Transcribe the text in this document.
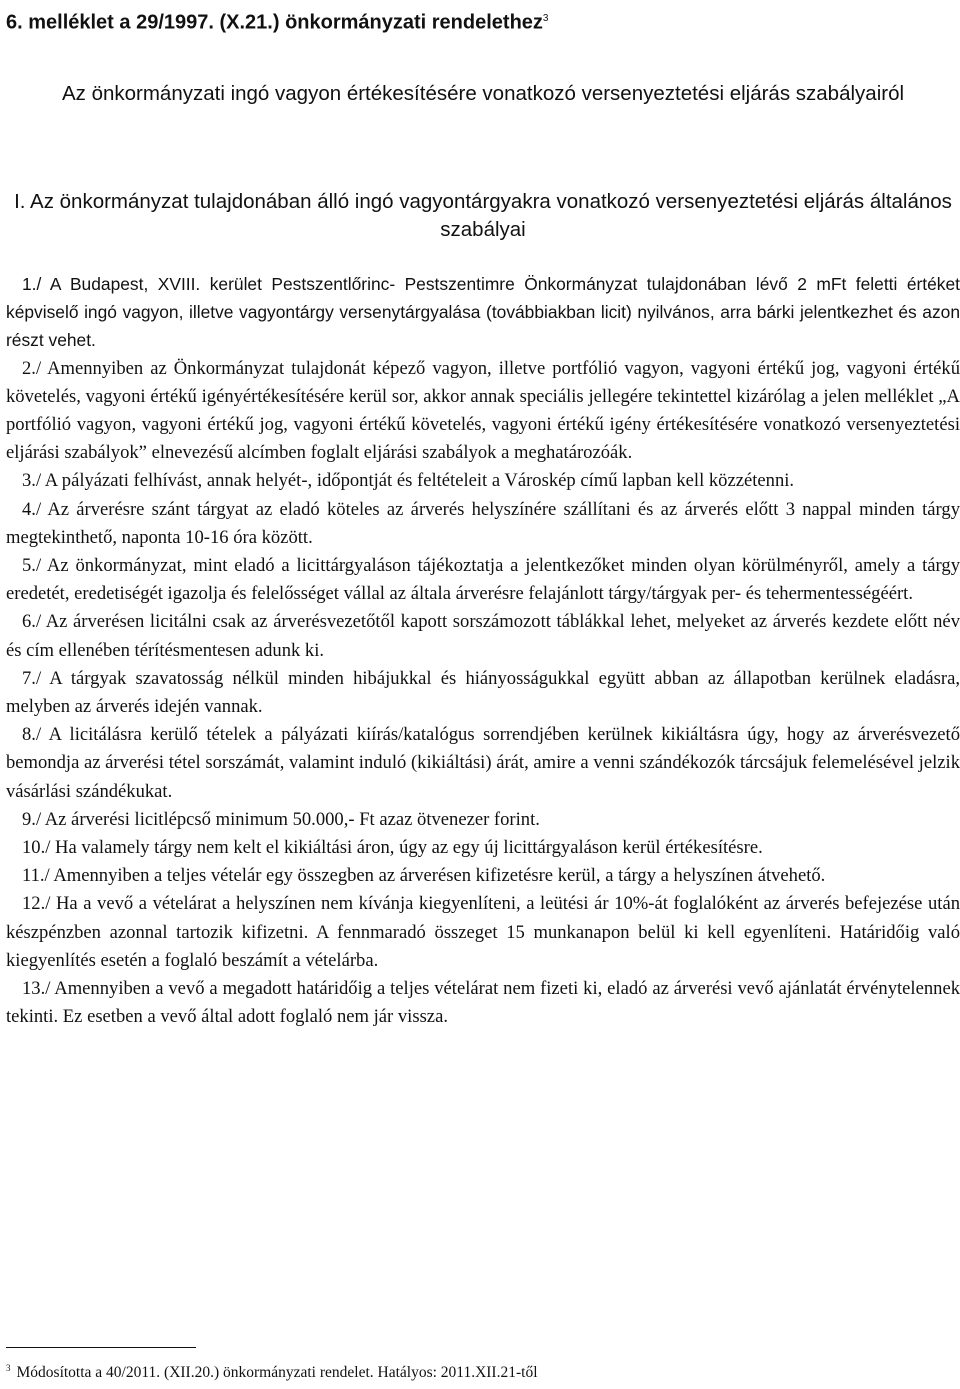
6. melléklet a 29/1997. (X.21.) önkormányzati rendelethez$^3$
Az önkormányzati ingó vagyon értékesítésére vonatkozó versenyeztetési eljárás szabályairól
I. Az önkormányzat tulajdonában álló ingó vagyontárgyakra vonatkozó versenyeztetési eljárás általános szabályai

1./ A Budapest, XVIII. kerület Pestszentlőrinc- Pestszentimre Önkormányzat tulajdonában lévő 2 mFt feletti értéket képviselő ingó vagyon, illetve vagyontárgy versenytárgyalása (továbbiakban licit) nyilvános, arra bárki jelentkezhet és azon részt vehet.

2./ Amennyiben az Önkormányzat tulajdonát képező vagyon, illetve portfólió vagyon, vagyoni értékű jog, vagyoni értékű követelés, vagyoni értékű igényértékesítésére kerül sor, akkor annak speciális jellegére tekintettel kizárólag a jelen melléklet „A portfólió vagyon, vagyoni értékű jog, vagyoni értékű követelés, vagyoni értékű igény értékesítésére vonatkozó versenyeztetési eljárási szabályok” elnevezésű alcímben foglalt eljárási szabályok a meghatározóák.

3./ A pályázati felhívást, annak helyét-, időpontját és feltételeit a Városkép című lapban kell közzétenni.

4./ Az árverésre szánt tárgyat az eladó köteles az árverés helyszínére szállítani és az árverés előtt 3 nappal minden tárgy megtekinthető, naponta 10-16 óra között.

5./ Az önkormányzat, mint eladó a licittárgyaláson tájékoztatja a jelentkezőket minden olyan körülményről, amely a tárgy eredetét, eredetiségét igazolja és felelősséget vállal az általa árverésre felajánlott tárgy/tárgyak per- és tehermentességéért.

6./ Az árverésen licitálni csak az árverésvezetőtől kapott sorszámozott táblákkal lehet, melyeket az árverés kezdete előtt név és cím ellenében térítésmentesen adunk ki.

7./ A tárgyak szavatosság nélkül minden hibájukkal és hiányosságukkal együtt abban az állapotban kerülnek eladásra, melyben az árverés idején vannak.

8./ A licitálásra kerülő tételek a pályázati kiírás/katalógus sorrendjében kerülnek kikiáltásra úgy, hogy az árverésvezető bemondja az árverési tétel sorszámát, valamint induló (kikiáltási) árát, amire a venni szándékozók tárcsájuk felemelésével jelzik vásárlási szándékukat.

9./ Az árverési licitlépcső minimum 50.000,- Ft azaz ötvenezer forint.

10./ Ha valamely tárgy nem kelt el kikiáltási áron, úgy az egy új licittárgyaláson kerül értékesítésre.

11./ Amennyiben a teljes vételár egy összegben az árverésen kifizetésre kerül, a tárgy a helyszínen átvehető.

12./ Ha a vevő a vételárat a helyszínen nem kívánja kiegyenlíteni, a leütési ár 10%-át foglalóként az árverés befejezése után készpénzben azonnal tartozik kifizetni. A fennmaradó összeget 15 munkanapon belül ki kell egyenlíteni. Határidőig való kiegyenlítés esetén a foglaló beszámít a vételárba.

13./ Amennyiben a vevő a megadott határidőig a teljes vételárat nem fizeti ki, eladó az árverési vevő ajánlatát érvénytelennek tekinti. Ez esetben a vevő által adott foglaló nem jár vissza.

$^3$ Módosította a 40/2011. (XII.20.) önkormányzati rendelet. Hatályos: 2011.XII.21-től
